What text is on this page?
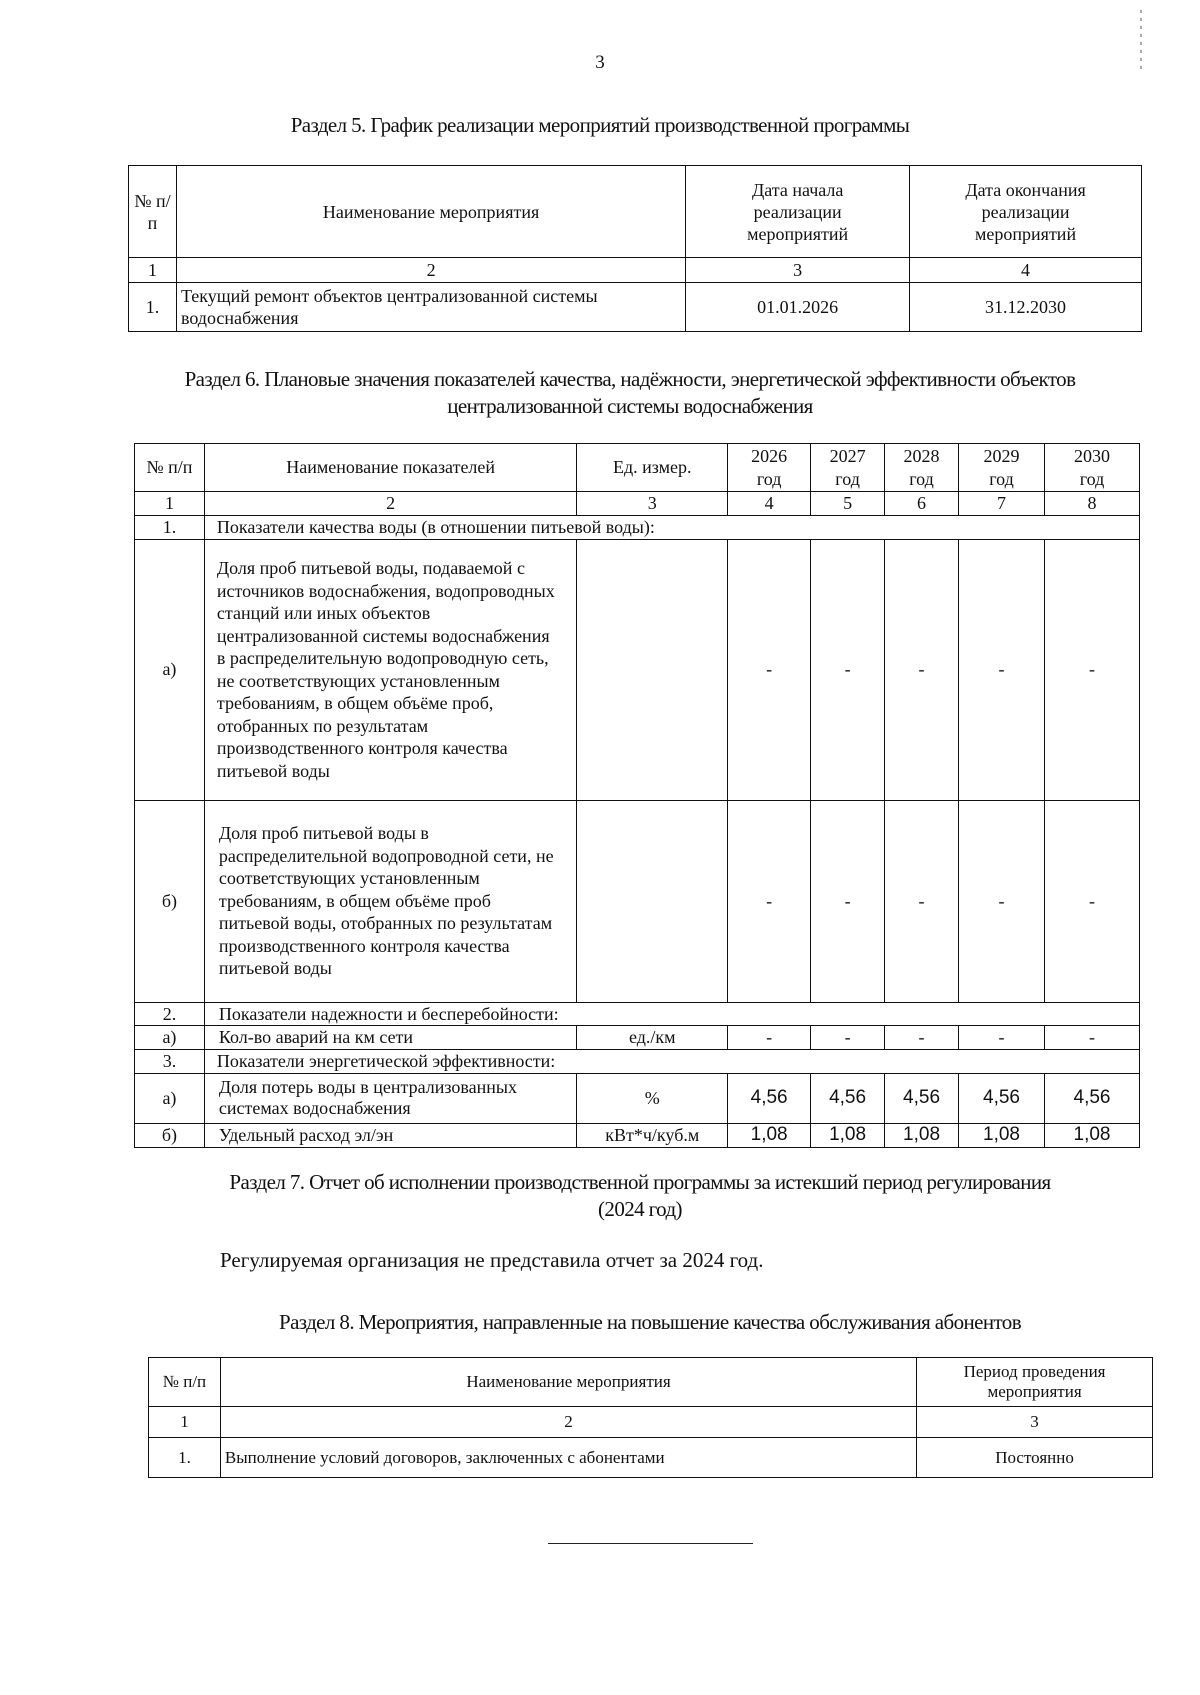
3
Раздел 5. График реализации мероприятий производственной программы
№ п/п	Наименование мероприятия	Дата начала реализации мероприятий	Дата окончания реализации мероприятий
1	2	3	4
1.	Текущий ремонт объектов централизованной системы водоснабжения	01.01.2026	31.12.2030
Раздел 6. Плановые значения показателей качества, надёжности, энергетической эффективности объектов
централизованной системы водоснабжения
№ п/п	Наименование показателей	Ед. измер.	2026 год	2027 год	2028 год	2029 год	2030 год
1	2	3	4	5	6	7	8
1.	Показатели качества воды (в отношении питьевой воды):						
а)	Доля проб питьевой воды, подаваемой с источников водоснабжения, водопроводных станций или иных объектов централизованной системы водоснабжения в распределительную водопроводную сеть, не соответствующих установленным требованиям, в общем объёме проб, отобранных по результатам производственного контроля качества питьевой воды		-	-	-	-	-
б)	Доля проб питьевой воды в распределительной водопроводной сети, не соответствующих установленным требованиям, в общем объёме проб питьевой воды, отобранных по результатам производственного контроля качества питьевой воды		-	-	-	-	-
2.	Показатели надежности и бесперебойности:						
а)	Кол-во аварий на км сети	ед./км	-	-	-	-	-
3.	Показатели энергетической эффективности:						
а)	Доля потерь воды в централизованных системах водоснабжения	%	4,56	4,56	4,56	4,56	4,56
б)	Удельный расход эл/эн	кВт*ч/куб.м	1,08	1,08	1,08	1,08	1,08
Раздел 7. Отчет об исполнении производственной программы за истекший период регулирования
(2024 год)
Регулируемая организация не представила отчет за 2024 год.
Раздел 8. Мероприятия, направленные на повышение качества обслуживания абонентов
№ п/п	Наименование мероприятия	Период проведения мероприятия
1	2	3
1.	Выполнение условий договоров, заключенных с абонентами	Постоянно
